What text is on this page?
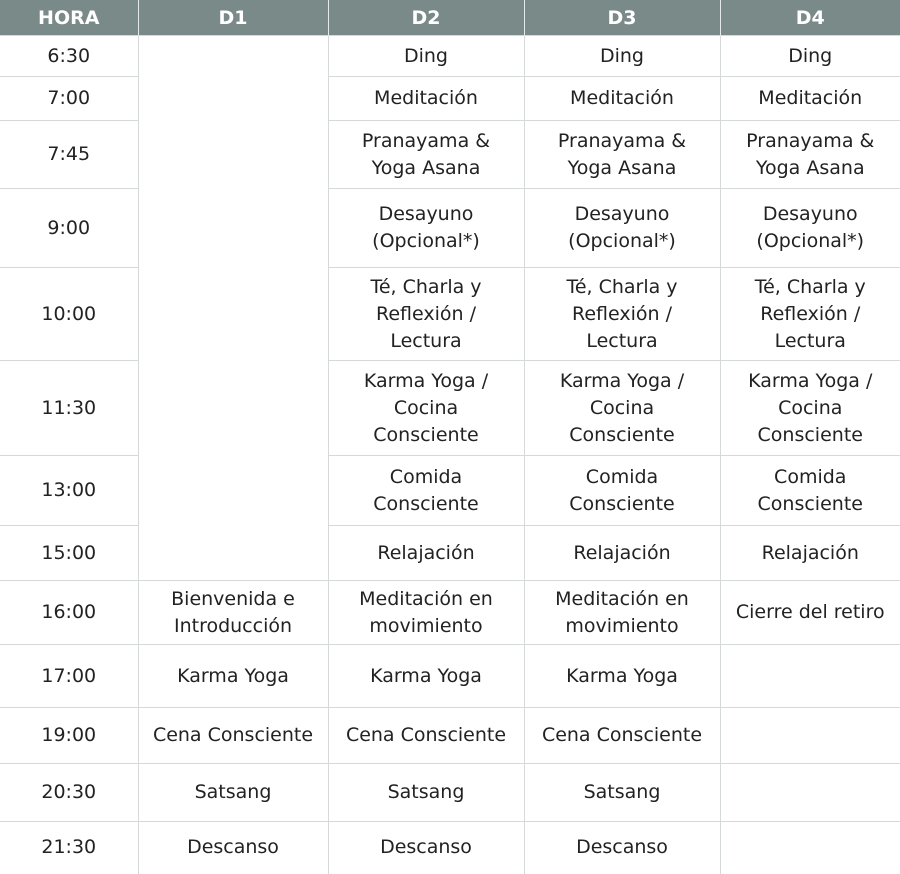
HORA	D1	D2	D3	D4

6:30		Ding	Ding	Ding

7:00		Meditación	Meditación	Meditación

7:45		Pranayama &
Yoga Asana	Pranayama &
Yoga Asana	Pranayama &
Yoga Asana

9:00		Desayuno
(Opcional*)	Desayuno
(Opcional*)	Desayuno
(Opcional*)

10:00		Té, Charla y
Reflexión /
Lectura	Té, Charla y
Reflexión /
Lectura	Té, Charla y
Reflexión /
Lectura

11:30		Karma Yoga /
Cocina
Consciente	Karma Yoga /
Cocina
Consciente	Karma Yoga /
Cocina
Consciente

13:00		Comida
Consciente	Comida
Consciente	Comida
Consciente

15:00		Relajación	Relajación	Relajación

16:00	Bienvenida e
Introducción	Meditación en
movimiento	Meditación en
movimiento	Cierre del retiro

17:00	Karma Yoga	Karma Yoga	Karma Yoga	

19:00	Cena Consciente	Cena Consciente	Cena Consciente	

20:30	Satsang	Satsang	Satsang	

21:30	Descanso	Descanso	Descanso	
